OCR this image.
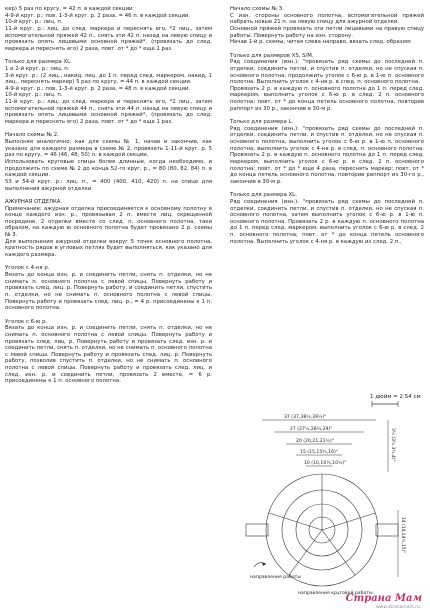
кер) 5 раз по кругу, = 42 п. в каждой секции.
4-9-й круг. р.: пов. 1-3-й круг. р. 2 раза, = 46 п. в каждой секции.
10-й круг. р.: лиц. п.
11-й круг. р.: лиц. до след. маркера и переснять его, *2 лиц., затем вспомогательной пряжей 42 п., снять эти 42 п. назад на левую спицу и провязать опять лицевыми основной пряжей*, (провязать до след. маркера и переснять его) 2 раза, повт. от * до * еще 1 раз.

Только для размера XL.
1 и 2-й круг. р.: лиц. п.
3-й круг. р.: (2 лиц., накид, лиц. до 1 п. перед след. маркером, накид, 1 лиц., переснять маркер) 5 раз по кругу, = 44 п. в каждой секции.
4-9-й круг. р.: пов. 1-3-й круг. р. 2 раза, = 48 п. в каждой секции.
10-й круг. р.: лиц. п.
11-й круг. р.: лиц. до след. маркера и переснять его, *2 лиц., затем вспомогательной пряжей 44 п., снять эти 44 п. назад на левую спицу и провязать опять лицевыми основной пряжей*, (провязать до след. маркера и переснять его) 2 раза, повт. от * до * еще 1 раз.

Начало схемы № 2.
Выполняя аналогично, как для схемы № 1, начав и закончив, как указано для каждого размера в схеме № 2, провязать 1-11-й круг. р. 5 раз по кругу, = 46 (46, 48, 50) п. в каждой секции.
Использовать круговые спицы более длинные, когда необходимо, и продолжить по схеме № 2 до конца 52-го круг. р., = 80 (80, 82, 84) п. в каждой секции.
53 и 54-й круг. р.: лиц. п., = 400 (400, 410, 420) п. на спице для выполнения ажурной отделки.

АЖУРНАЯ ОТДЕЛКА.
Примечание: ажурная отделка присоединяется к основному полотну в конце каждого изн. р., провязывая 2 п. вместе лиц. скрещенной посредине, 2 отделки вместе со след. п. основного полотна, таки образом, на каждую ю основного полотна будет провязано 2 р. схемы № 3.
Для выполнения ажурной отделки вокруг 5 точек основного полотна, кратность рядов в угловых петлях будет выполняться, как указано для каждого размера.

Уголок с 4-ня р.
Вязать до конца изн. р. и соединить петли, снять п. отделки, но не снимать п. основного полотна с левой спицы. Повернуть работу и провязать след. лиц. р. Повернуть работу, и соединить петли, спустить п. отделки, но не снимать п. основного полотна с левой спицы. Повернуть работу и провязать след. лиц. р., = 4 р. присоединены к 1 п. основного полотна.

Уголок с 6-ю р.
Вязать до конца изн. р. и соединить петли, снять п. отделки, но не снимать п. основного полотна с левой спицы. Повернуть работу и провязать след. лиц. р. Повернуть работу и провязать след. изн. р. и соединить петли, снять п. отделки, но не снимать п. основного полотна с левой спицы. Повернуть работу и провязать след. лиц. р. Повернуть работу, позволив спустить п. отделки, но не снимать п. основного полотна с левой спицы. Повернуть работу и провязать след. лиц. и след. изн. р. и соединить петли, провязать 2 вместе, = 6 р. присоединены к 1 п. основного полотна.

Начало схемы № 3.
С изн. стороны основного полотна, вспомогательной пряжей набрать новые 21 п. на левую спицу для ажурной отделки.
Основной пряжей провязать эти петли лицевыми на правую спицу работы. Повернуть работу на изн. сторону.
Начав 1-й р. схемы, читая слева направо, вязать след. образом:

Только для размеров XS, S/M.
Ряд соединения (изн.): "провязать ряд схемы до последней п. отделки, соединить петли, и спустив п. отделки, но не спуская п. основного полотна, продолжить уголок с 6-ю р. в 1-ю п. основного полотна. Выполнить уголок с 4-ня р. в след. п. основного полотна.
Провязать 2 р. в каждую п. основного полотна до 1 п. перед след. маркером, выполнить уголок с 6-ю р. в след. 2 п. основного полотна; повт. от * до конца петель основного полотна, повторив раппорт из 30 р., закончив в 30-м р.

Только для размера L.
Ряд соединения (изн.): "провязать ряд схемы до последней п. отделки, соединить петли, и спустив п. отделки, но не спуская п. основного полотна, выполнить уголок с 6-ю р. в 1-ю п. основного полотна, выполнить уголок с 4-ня р. в след. п. основного полотна. Провязать 2 р. в каждую п. основного полотна до 1 п. перед след. маркером, выполнить уголок с 6-ю р. в след. 2 п. основного полотна; повт. от * до * еще 4 раза, переснять маркер; повт. от * до конца петель основного полотна, повторив раппорт из 30-го р., закончив в 30-м р.

Только для размера XL.
Ряд соединения (изн.): "провязать ряд схемы до последней п. отделки, соединить петли, и спустив п. отделки, но не спуская п. основного полотна, затем выполнить уголок с 6-ю р. в 1-ю п. основного полотна. Провязать 2 р. в каждую п. основного полотна до 1 п. перед след. маркером, выполнить уголок с 6-ю р. в след. 2 п. основного полотна; повт. от * до конца петель основного полотна. Выполнить уголок с 4-ня р. в каждую из след. 2 п.,

37 (37,38½,39½)"
27 (27½,28½,29)"
20 (20,21,21½)"
15 (15,15¾,16)"
10 (10,10¼,10½)"
3½ (3½,3½,4)"
14 (14,14½,15)"
направление работы
направление круговой работы
1 дюйм = 2.54 см
Страна Мам
www.stranamam.ru
